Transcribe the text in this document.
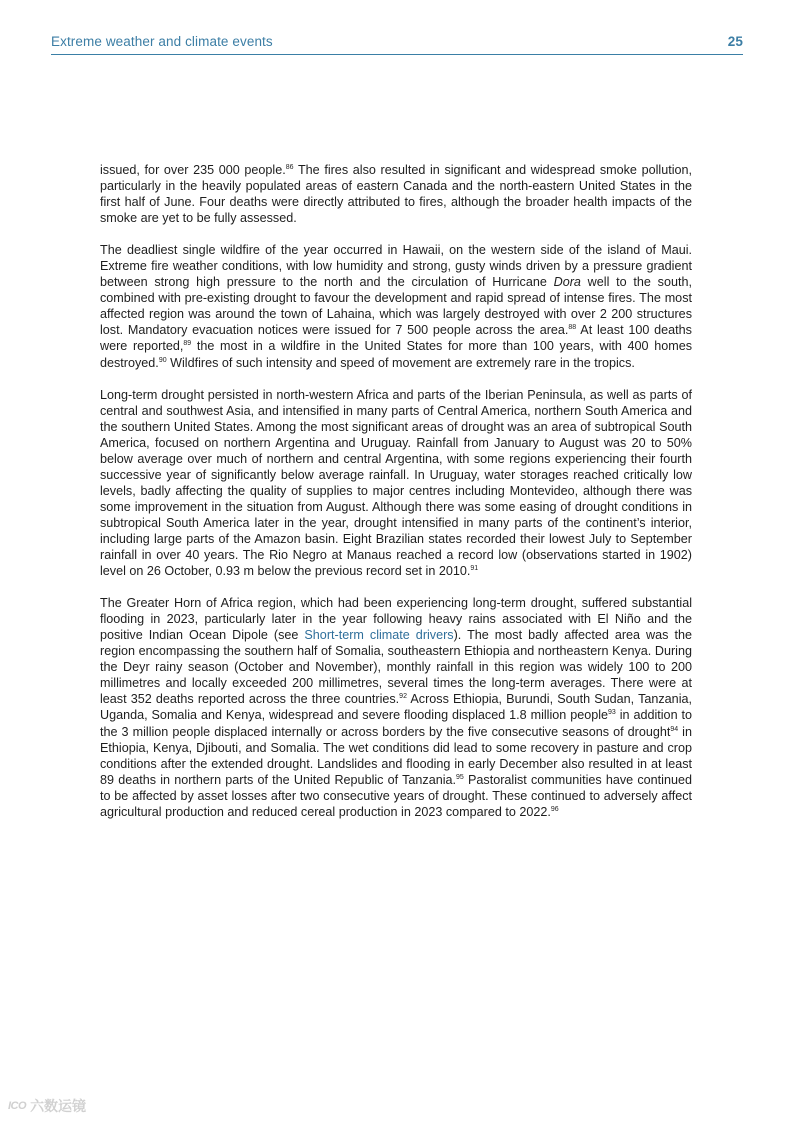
Extreme weather and climate events	25

issued, for over 235 000 people.$^{86}$ The fires also resulted in significant and widespread smoke pollution, particularly in the heavily populated areas of eastern Canada and the north-eastern United States in the first half of June. Four deaths were directly attributed to fires, although the broader health impacts of the smoke are yet to be fully assessed.

The deadliest single wildfire of the year occurred in Hawaii, on the western side of the island of Maui. Extreme fire weather conditions, with low humidity and strong, gusty winds driven by a pressure gradient between strong high pressure to the north and the circulation of Hurricane Dora well to the south, combined with pre-existing drought to favour the development and rapid spread of intense fires. The most affected region was around the town of Lahaina, which was largely destroyed with over 2 200 structures lost. Mandatory evacuation notices were issued for 7 500 people across the area.$^{88}$ At least 100 deaths were reported,$^{89}$ the most in a wildfire in the United States for more than 100 years, with 400 homes destroyed.$^{90}$ Wildfires of such intensity and speed of movement are extremely rare in the tropics.

Long-term drought persisted in north-western Africa and parts of the Iberian Peninsula, as well as parts of central and southwest Asia, and intensified in many parts of Central America, northern South America and the southern United States. Among the most significant areas of drought was an area of subtropical South America, focused on northern Argentina and Uruguay. Rainfall from January to August was 20 to 50% below average over much of northern and central Argentina, with some regions experiencing their fourth successive year of significantly below average rainfall. In Uruguay, water storages reached critically low levels, badly affecting the quality of supplies to major centres including Montevideo, although there was some improvement in the situation from August. Although there was some easing of drought conditions in subtropical South America later in the year, drought intensified in many parts of the continent’s interior, including large parts of the Amazon basin. Eight Brazilian states recorded their lowest July to September rainfall in over 40 years. The Rio Negro at Manaus reached a record low (observations started in 1902) level on 26 October, 0.93 m below the previous record set in 2010.91

The Greater Horn of Africa region, which had been experiencing long-term drought, suffered substantial flooding in 2023, particularly later in the year following heavy rains associated with El Niño and the positive Indian Ocean Dipole (see Short-term climate drivers). The most badly affected area was the region encompassing the southern half of Somalia, southeastern Ethiopia and northeastern Kenya. During the Deyr rainy season (October and November), monthly rainfall in this region was widely 100 to 200 millimetres and locally exceeded 200 millimetres, several times the long-term averages. There were at least 352 deaths reported across the three countries.$^{92}$ Across Ethiopia, Burundi, South Sudan, Tanzania, Uganda, Somalia and Kenya, widespread and severe flooding displaced 1.8 million people$^{93}$ in addition to the 3 million people displaced internally or across borders by the five consecutive seasons of drought$^{94}$ in Ethiopia, Kenya, Djibouti, and Somalia. The wet conditions did lead to some recovery in pasture and crop conditions after the extended drought. Landslides and flooding in early December also resulted in at least 89 deaths in northern parts of the United Republic of Tanzania.$^{95}$ Pastoralist communities have continued to be affected by asset losses after two consecutive years of drought. These continued to adversely affect agricultural production and reduced cereal production in 2023 compared to 2022.96

ICO 六数运镜
